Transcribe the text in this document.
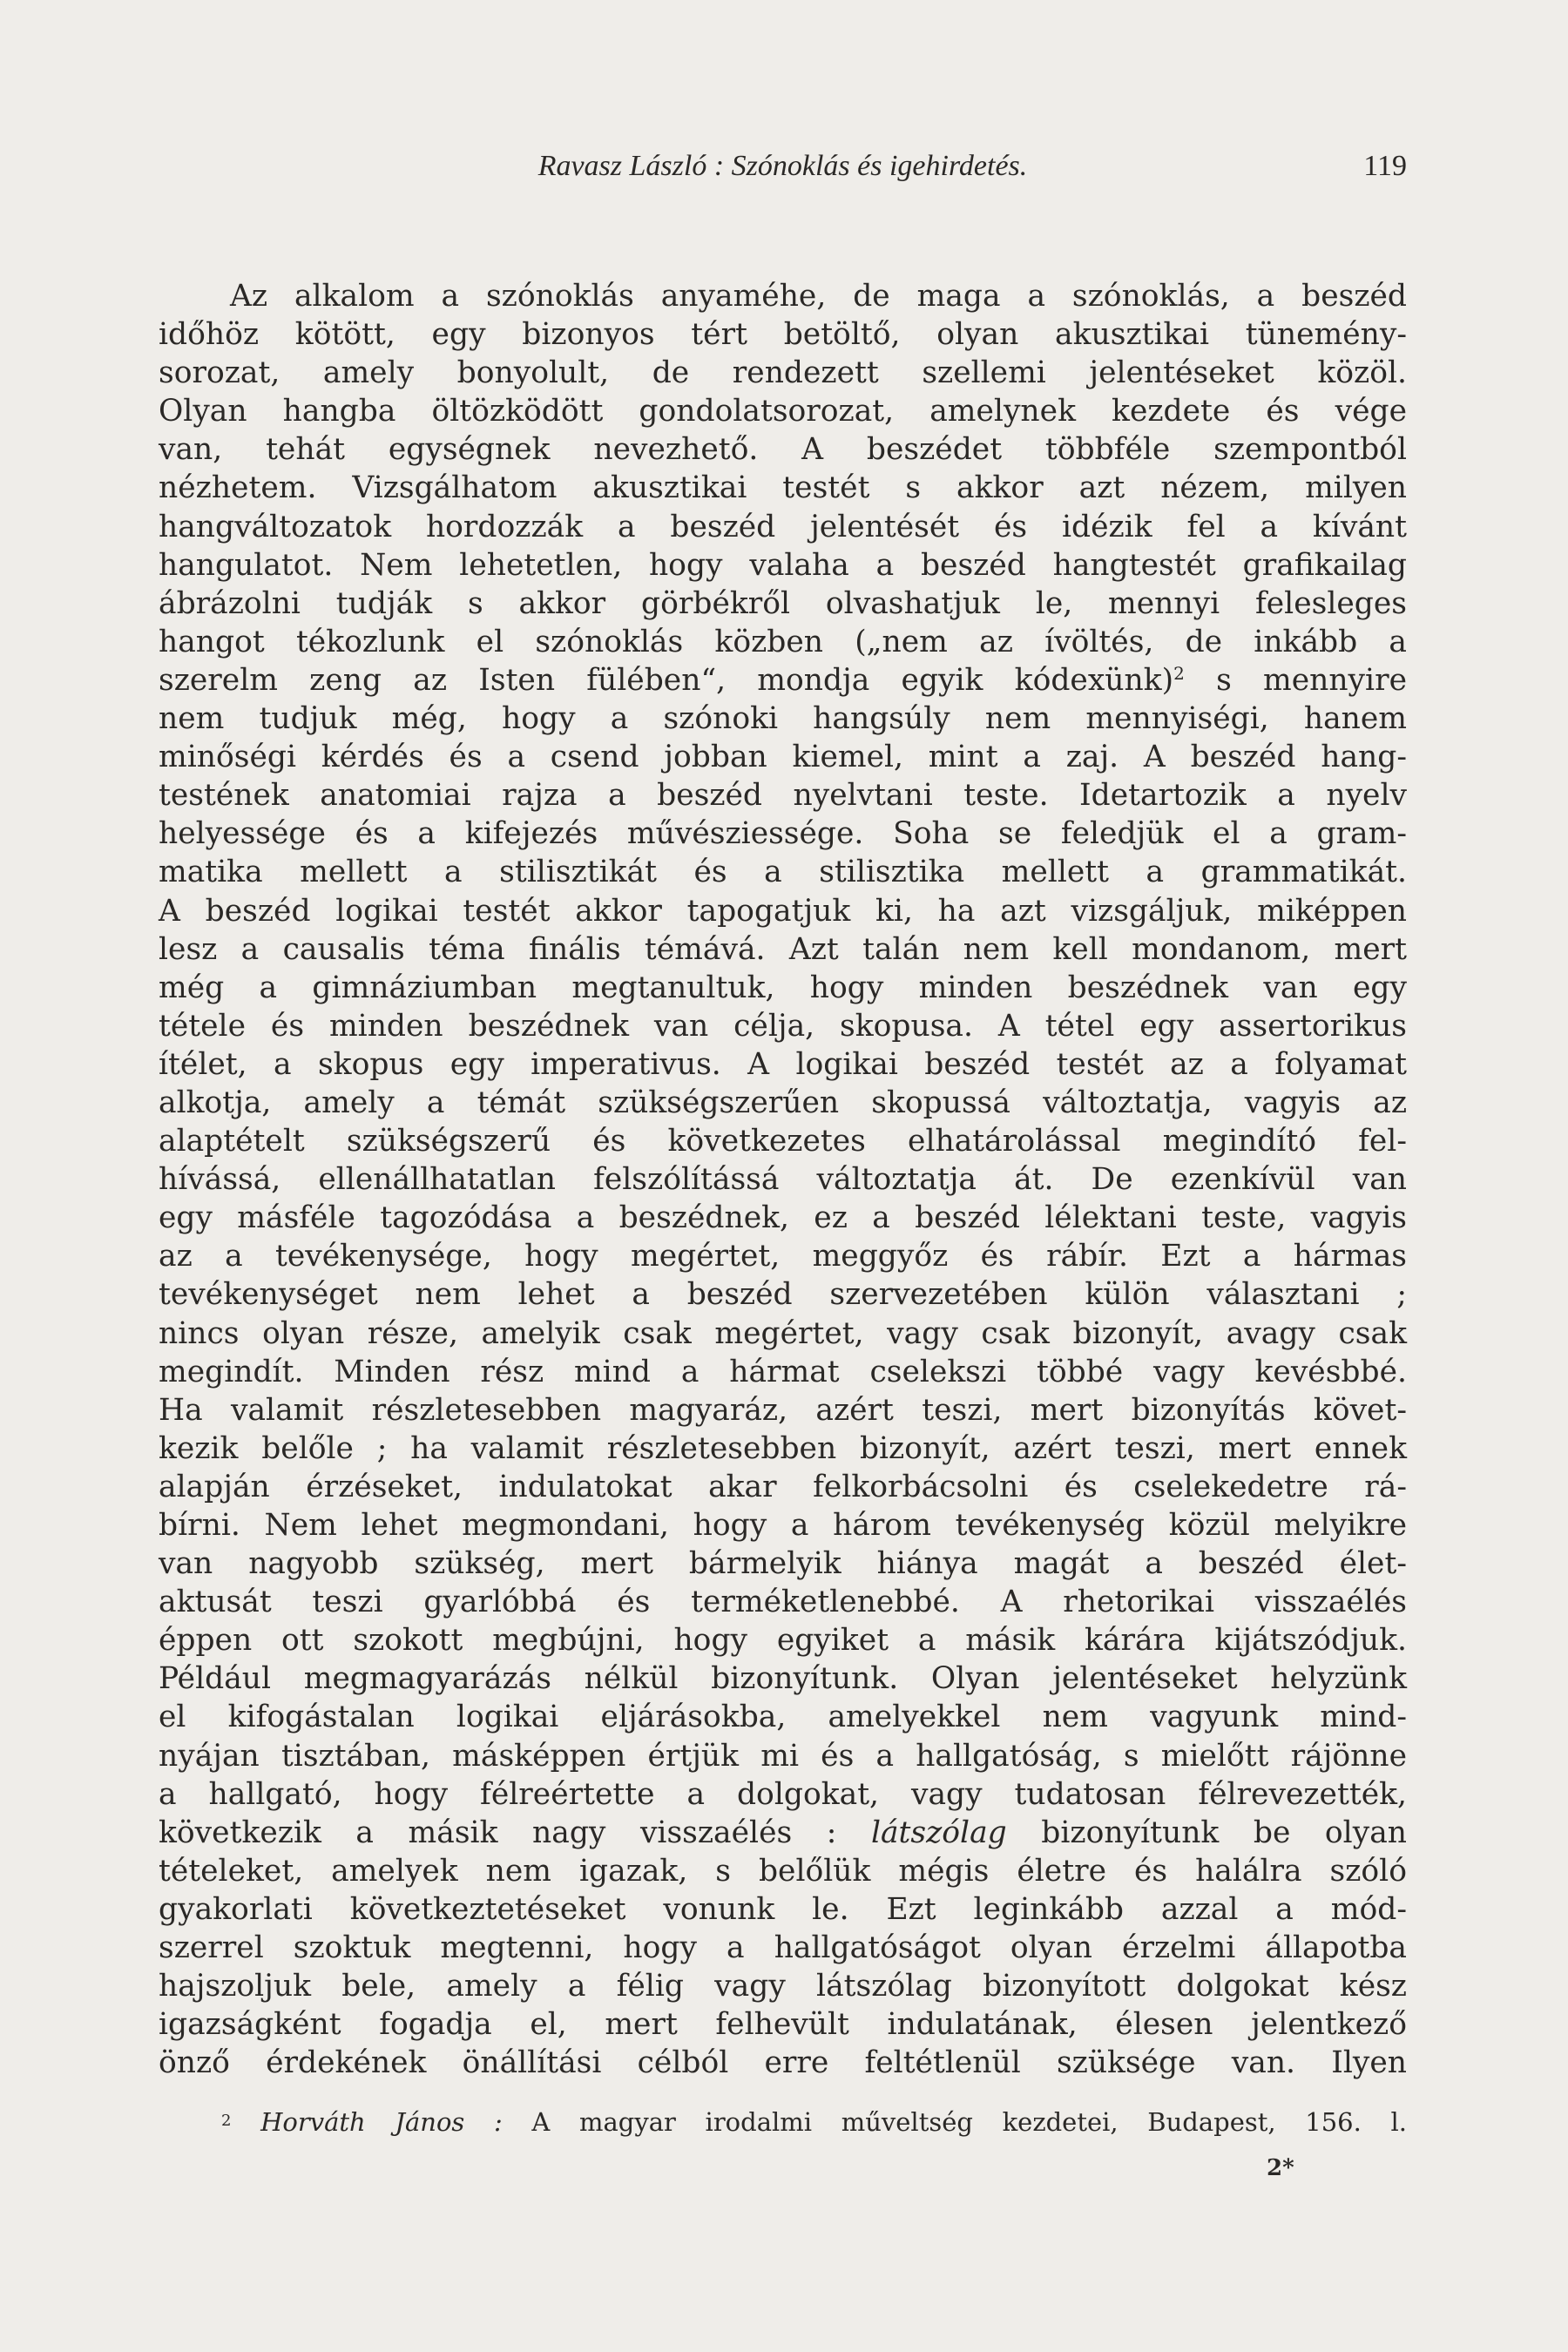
Ravasz László : Szónoklás és igehirdetés.	119
Az alkalom a szónoklás anyaméhe, de maga a szónoklás, a beszéd
időhöz kötött, egy bizonyos tért betöltő, olyan akusztikai tünemény-
sorozat, amely bonyolult, de rendezett szellemi jelentéseket közöl.
Olyan hangba öltözködött gondolatsorozat, amelynek kezdete és vége
van, tehát egységnek nevezhető. A beszédet többféle szempontból
nézhetem. Vizsgálhatom akusztikai testét s akkor azt nézem, milyen
hangváltozatok hordozzák a beszéd jelentését és idézik fel a kívánt
hangulatot. Nem lehetetlen, hogy valaha a beszéd hangtestét grafikailag
ábrázolni tudják s akkor görbékről olvashatjuk le, mennyi felesleges
hangot tékozlunk el szónoklás közben („nem az ívöltés, de inkább a
szerelm zeng az Isten fülében“, mondja egyik kódexünk)$^2$ s mennyire
nem tudjuk még, hogy a szónoki hangsúly nem mennyiségi, hanem
minőségi kérdés és a csend jobban kiemel, mint a zaj. A beszéd hang-
testének anatomiai rajza a beszéd nyelvtani teste. Idetartozik a nyelv
helyessége és a kifejezés művésziessége. Soha se feledjük el a gram-
matika mellett a stilisztikát és a stilisztika mellett a grammatikát.
A beszéd logikai testét akkor tapogatjuk ki, ha azt vizsgáljuk, miképpen
lesz a causalis téma finális témává. Azt talán nem kell mondanom, mert
még a gimnáziumban megtanultuk, hogy minden beszédnek van egy
tétele és minden beszédnek van célja, skopusa. A tétel egy assertorikus
ítélet, a skopus egy imperativus. A logikai beszéd testét az a folyamat
alkotja, amely a témát szükségszerűen skopussá változtatja, vagyis az
alaptételt szükségszerű és következetes elhatárolással megindító fel-
hívássá, ellenállhatatlan felszólítássá változtatja át. De ezenkívül van
egy másféle tagozódása a beszédnek, ez a beszéd lélektani teste, vagyis
az a tevékenysége, hogy megértet, meggyőz és rábír. Ezt a hármas
tevékenységet nem lehet a beszéd szervezetében külön választani ;
nincs olyan része, amelyik csak megértet, vagy csak bizonyít, avagy csak
megindít. Minden rész mind a hármat cselekszi többé vagy kevésbbé.
Ha valamit részletesebben magyaráz, azért teszi, mert bizonyítás követ-
kezik belőle ; ha valamit részletesebben bizonyít, azért teszi, mert ennek
alapján érzéseket, indulatokat akar felkorbácsolni és cselekedetre rá-
bírni. Nem lehet megmondani, hogy a három tevékenység közül melyikre
van nagyobb szükség, mert bármelyik hiánya magát a beszéd élet-
aktusát teszi gyarlóbbá és terméketlenebbé. A rhetorikai visszaélés
éppen ott szokott megbújni, hogy egyiket a másik kárára kijátszódjuk.
Például megmagyarázás nélkül bizonyítunk. Olyan jelentéseket helyzünk
el kifogástalan logikai eljárásokba, amelyekkel nem vagyunk mind-
nyájan tisztában, másképpen értjük mi és a hallgatóság, s mielőtt rájönne
a hallgató, hogy félreértette a dolgokat, vagy tudatosan félrevezették,
következik a másik nagy visszaélés : látszólag bizonyítunk be olyan
tételeket, amelyek nem igazak, s belőlük mégis életre és halálra szóló
gyakorlati következtetéseket vonunk le. Ezt leginkább azzal a mód-
szerrel szoktuk megtenni, hogy a hallgatóságot olyan érzelmi állapotba
hajszoljuk bele, amely a félig vagy látszólag bizonyított dolgokat kész
igazságként fogadja el, mert felhevült indulatának, élesen jelentkező
önző érdekének önállítási célból erre feltétlenül szüksége van. Ilyen
$^2$ Horváth János : A magyar irodalmi műveltség kezdetei, Budapest, 156. l.
2*
